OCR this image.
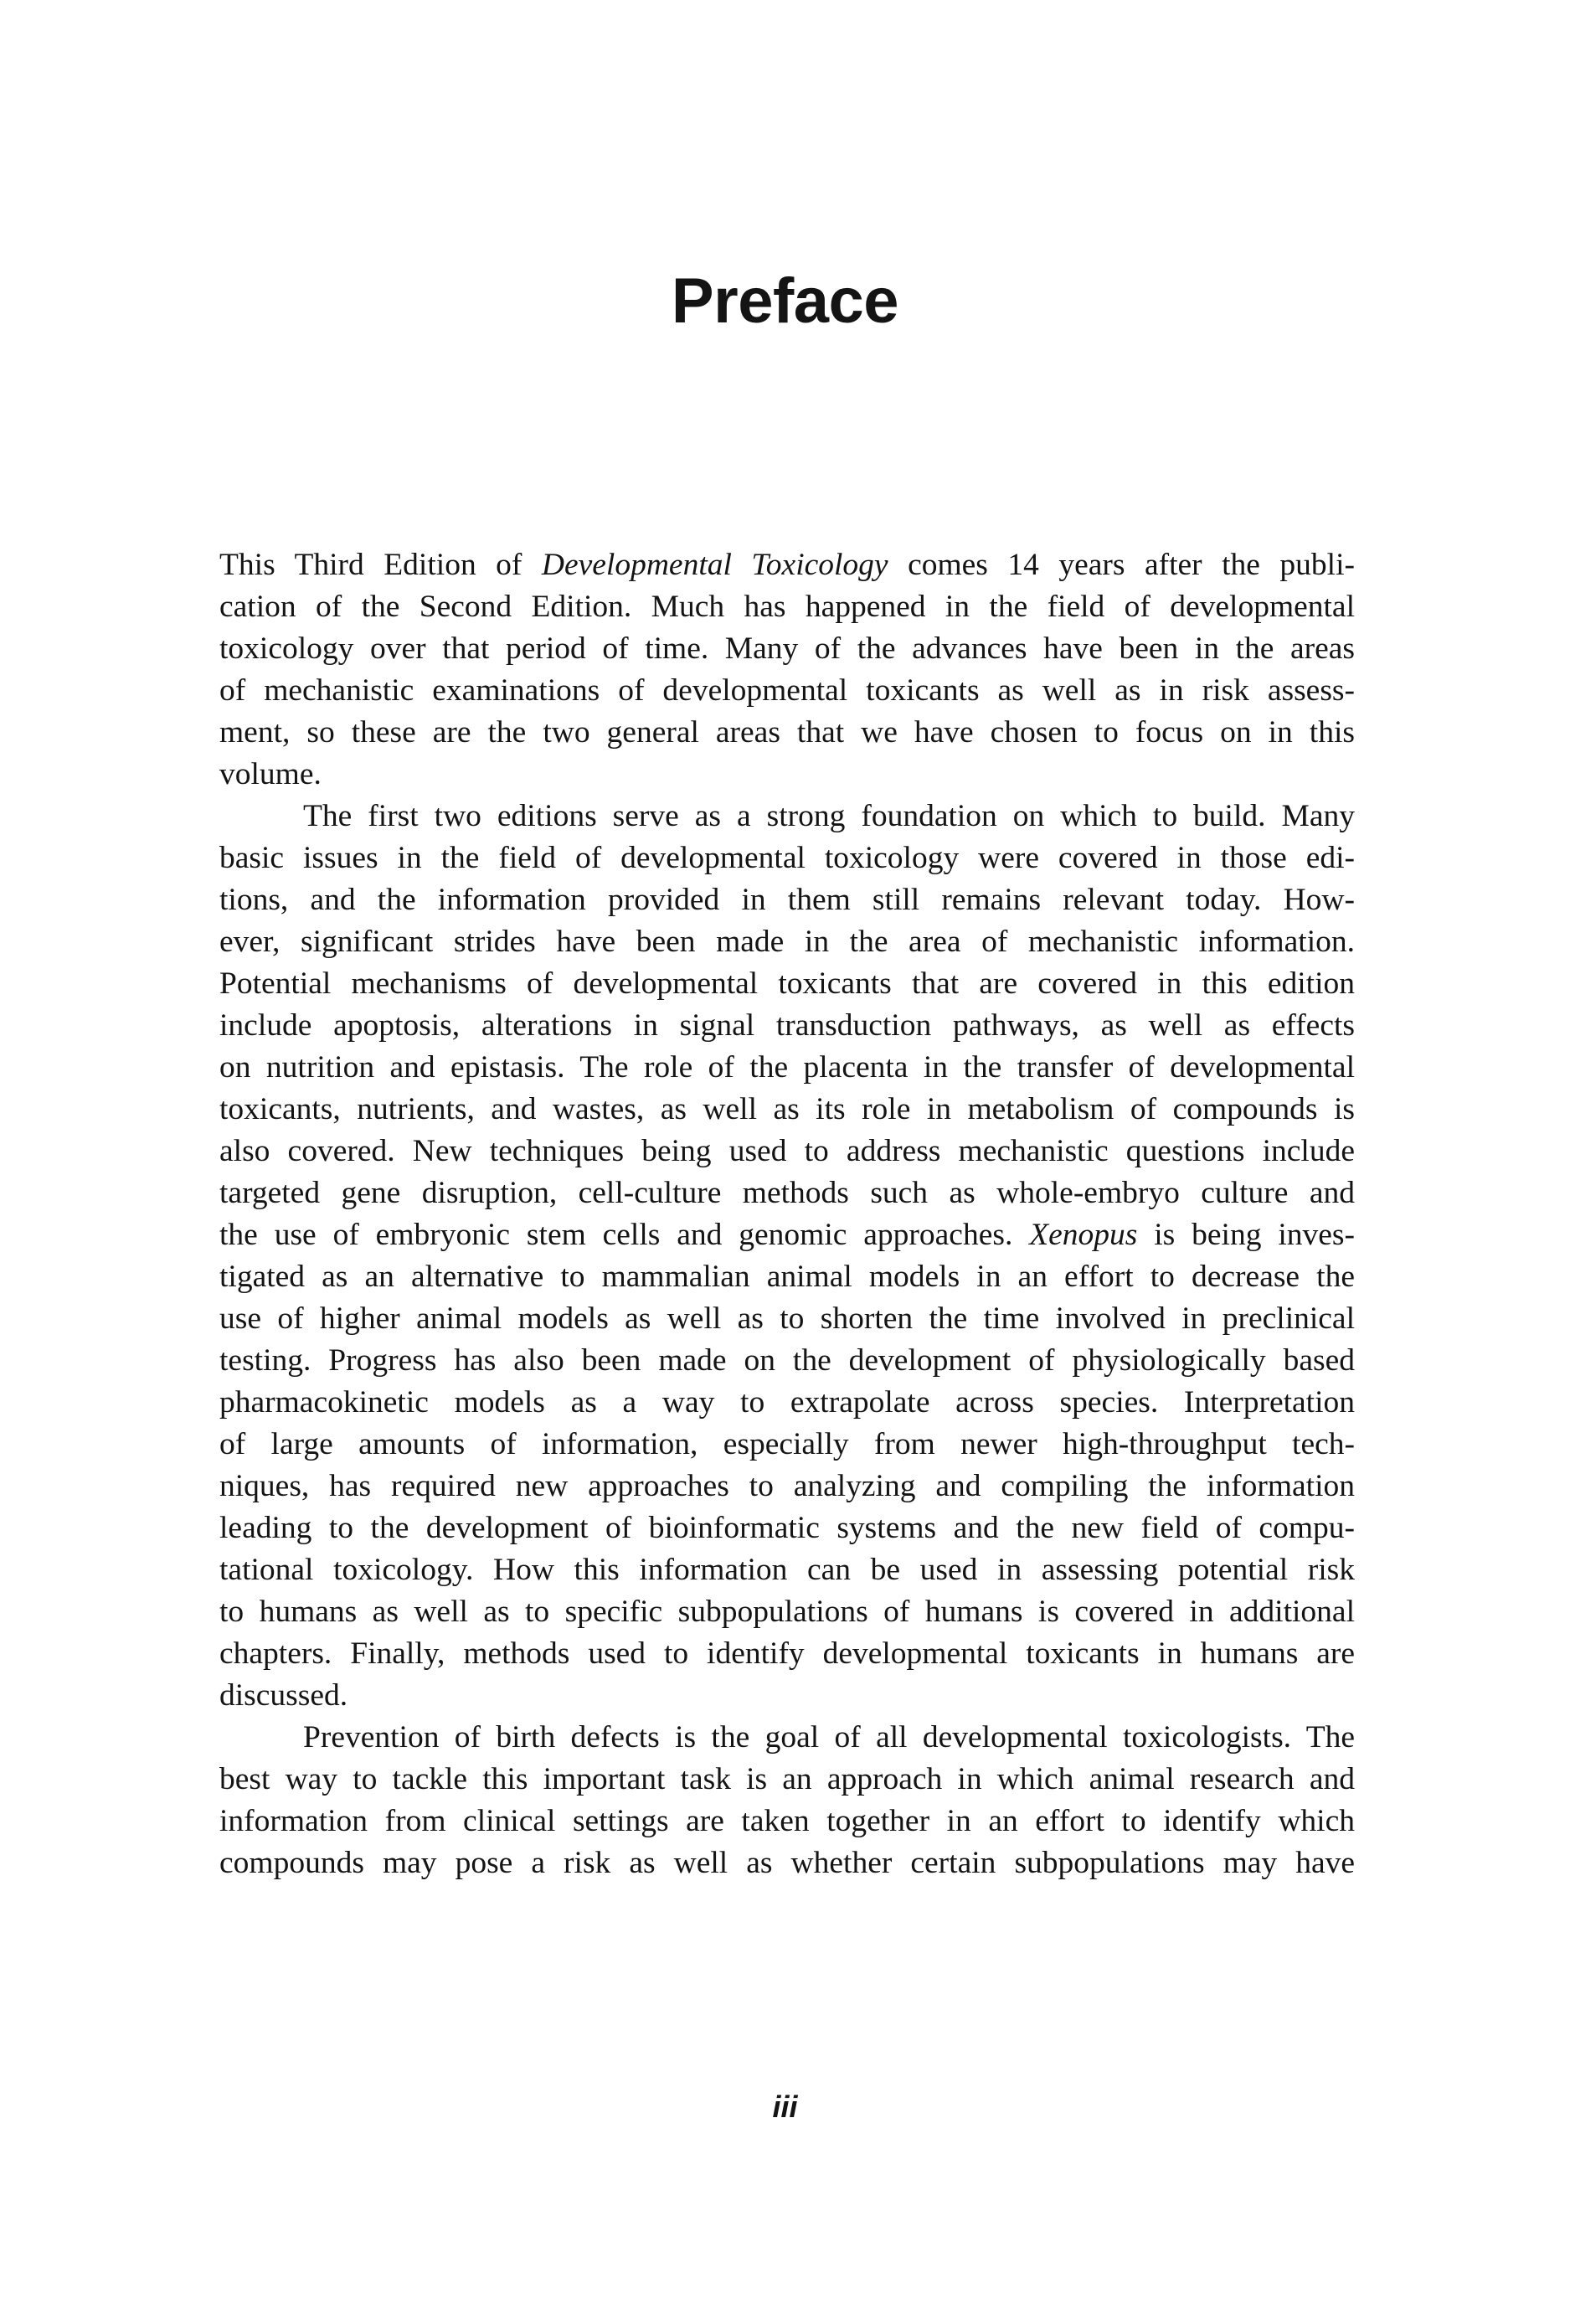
Preface
This Third Edition of Developmental Toxicology comes 14 years after the publi-
cation of the Second Edition. Much has happened in the field of developmental
toxicology over that period of time. Many of the advances have been in the areas
of mechanistic examinations of developmental toxicants as well as in risk assess-
ment, so these are the two general areas that we have chosen to focus on in this
volume.
The first two editions serve as a strong foundation on which to build. Many
basic issues in the field of developmental toxicology were covered in those edi-
tions, and the information provided in them still remains relevant today. How-
ever, significant strides have been made in the area of mechanistic information.
Potential mechanisms of developmental toxicants that are covered in this edition
include apoptosis, alterations in signal transduction pathways, as well as effects
on nutrition and epistasis. The role of the placenta in the transfer of developmental
toxicants, nutrients, and wastes, as well as its role in metabolism of compounds is
also covered. New techniques being used to address mechanistic questions include
targeted gene disruption, cell-culture methods such as whole-embryo culture and
the use of embryonic stem cells and genomic approaches. Xenopus is being inves-
tigated as an alternative to mammalian animal models in an effort to decrease the
use of higher animal models as well as to shorten the time involved in preclinical
testing. Progress has also been made on the development of physiologically based
pharmacokinetic models as a way to extrapolate across species. Interpretation
of large amounts of information, especially from newer high-throughput tech-
niques, has required new approaches to analyzing and compiling the information
leading to the development of bioinformatic systems and the new field of compu-
tational toxicology. How this information can be used in assessing potential risk
to humans as well as to specific subpopulations of humans is covered in additional
chapters. Finally, methods used to identify developmental toxicants in humans are
discussed.
Prevention of birth defects is the goal of all developmental toxicologists. The
best way to tackle this important task is an approach in which animal research and
information from clinical settings are taken together in an effort to identify which
compounds may pose a risk as well as whether certain subpopulations may have
iii
